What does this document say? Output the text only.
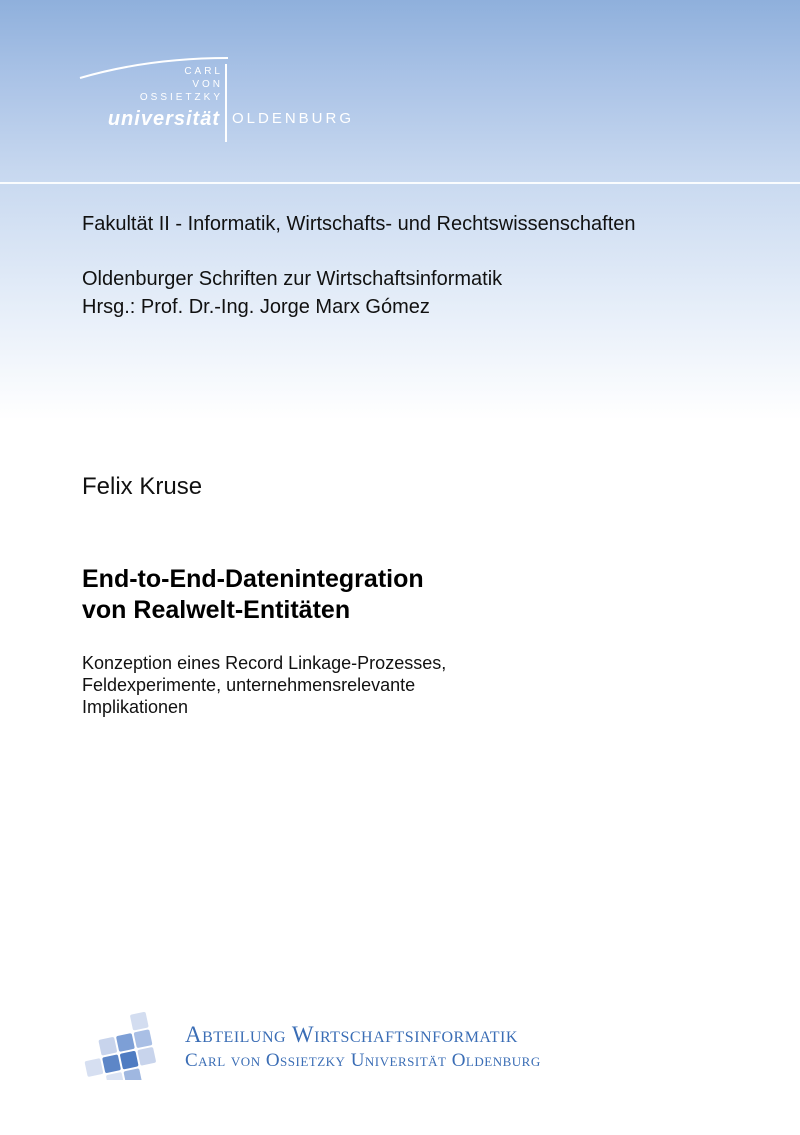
CARL
VON
OSSIETZKY
universität OLDENBURG
Fakultät II - Informatik, Wirtschafts- und Rechtswissenschaften
Oldenburger Schriften zur Wirtschaftsinformatik
Hrsg.: Prof. Dr.-Ing. Jorge Marx Gómez
Felix Kruse
End-to-End-Datenintegration
von Realwelt-Entitäten
Konzeption eines Record Linkage-Prozesses,
Feldexperimente, unternehmensrelevante
Implikationen
Abteilung Wirtschaftsinformatik
Carl von Ossietzky Universität Oldenburg
